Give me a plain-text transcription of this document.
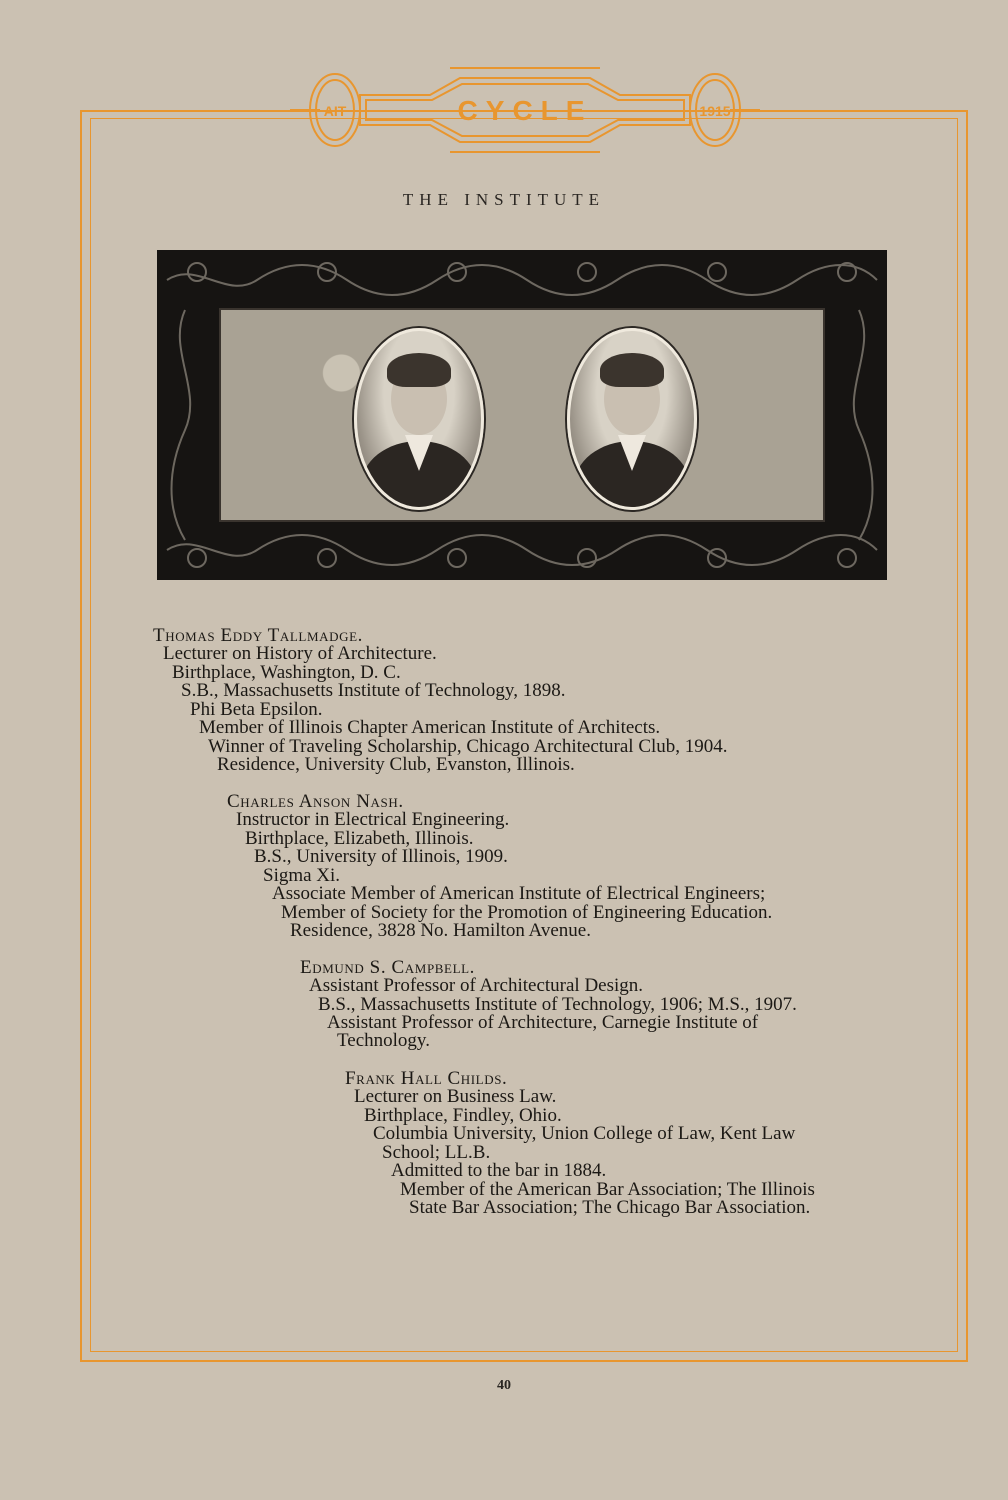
AIT	1915
CYCLE
THE INSTITUTE
Thomas Eddy Tallmadge.
Lecturer on History of Architecture.
Birthplace, Washington, D. C.
S.B., Massachusetts Institute of Technology, 1898.
Phi Beta Epsilon.
Member of Illinois Chapter American Institute of Architects.
Winner of Traveling Scholarship, Chicago Architectural Club, 1904.
Residence, University Club, Evanston, Illinois.
Charles Anson Nash.
Instructor in Electrical Engineering.
Birthplace, Elizabeth, Illinois.
B.S., University of Illinois, 1909.
Sigma Xi.
Associate Member of American Institute of Electrical Engineers;
Member of Society for the Promotion of Engineering Education.
Residence, 3828 No. Hamilton Avenue.
Edmund S. Campbell.
Assistant Professor of Architectural Design.
B.S., Massachusetts Institute of Technology, 1906; M.S., 1907.
Assistant Professor of Architecture, Carnegie Institute of
Technology.
Frank Hall Childs.
Lecturer on Business Law.
Birthplace, Findley, Ohio.
Columbia University, Union College of Law, Kent Law
School; LL.B.
Admitted to the bar in 1884.
Member of the American Bar Association; The Illinois
State Bar Association; The Chicago Bar Association.
40
